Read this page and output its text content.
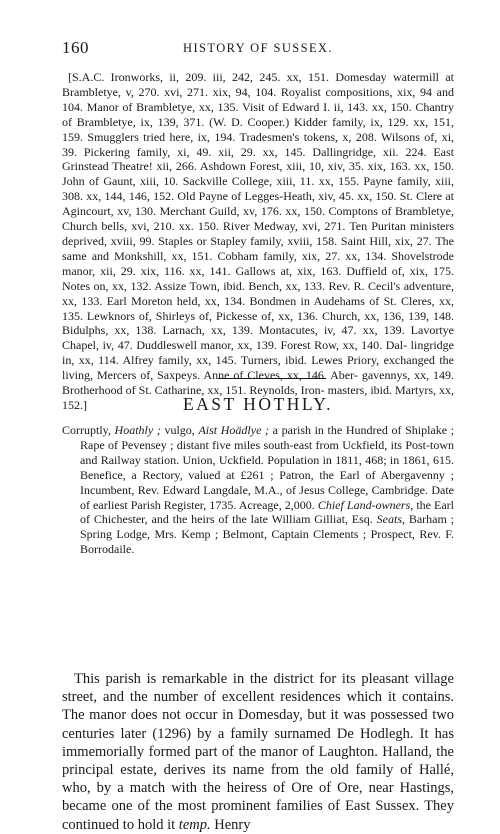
160	HISTORY OF SUSSEX.

[S.A.C. Ironworks, ii, 209. iii, 242, 245. xx, 151. Domesday watermill at Brambletye, v, 270. xvi, 271. xix, 94, 104. Royalist compositions, xix, 94 and 104. Manor of Brambletye, xx, 135. Visit of Edward I. ii, 143. xx, 150. Chantry of Brambletye, ix, 139, 371. (W. D. Cooper.) Kidder family, ix, 129. xx, 151, 159. Smugglers tried here, ix, 194. Tradesmen's tokens, x, 208. Wilsons of, xi, 39. Pickering family, xi, 49. xii, 29. xx, 145. Dallingridge, xii. 224. East Grinstead Theatre! xii, 266. Ashdown Forest, xiii, 10, xiv, 35. xix, 163. xx, 150. John of Gaunt, xiii, 10. Sackville College, xiii, 11. xx, 155. Payne family, xiii, 308. xx, 144, 146, 152. Old Payne of Legges-Heath, xiv, 45. xx, 150. St. Clere at Agincourt, xv, 130. Merchant Guild, xv, 176. xx, 150. Comptons of Brambletye, Church bells, xvi, 210. xx. 150. River Medway, xvi, 271. Ten Puritan ministers deprived, xviii, 99. Staples or Stapley family, xviii, 158. Saint Hill, xix, 27. The same and Monkshill, xx, 151. Cobham family, xix, 27. xx, 134. Shovelstrode manor, xii, 29. xix, 116. xx, 141. Gallows at, xix, 163. Duffield of, xix, 175. Notes on, xx, 132. Assize Town, ibid. Bench, xx, 133. Rev. R. Cecil's adventure, xx, 133. Earl Moreton held, xx, 134. Bondmen in Audehams of St. Cleres, xx, 135. Lewknors of, Shirleys of, Pickesse of, xx, 136. Church, xx, 136, 139, 148. Bidulphs, xx, 138. Larnach, xx, 139. Montacutes, iv, 47. xx, 139. Lavortye Chapel, iv, 47. Duddleswell manor, xx, 139. Forest Row, xx, 140. Dal- lingridge in, xx, 114. Alfrey family, xx, 145. Turners, ibid. Lewes Priory, exchanged the living, Mercers of, Saxpeys. Anne of Cleves, xx, 146. Aber- gavennys, xx, 149. Brotherhood of St. Catharine, xx, 151. Reynolds, Iron- masters, ibid. Martyrs, xx, 152.]	EAST HOTHLY.

Corruptly, Hoathly ; vulgo, Aist Hoädlye ; a parish in the Hundred of Shiplake ; Rape of Pevensey ; distant five miles south-east from Uckfield, its Post-town and Railway station. Union, Uckfield. Population in 1811, 468; in 1861, 615. Benefice, a Rectory, valued at £261 ; Patron, the Earl of Abergavenny ; Incumbent, Rev. Edward Langdale, M.A., of Jesus College, Cambridge. Date of earliest Parish Register, 1735. Acreage, 2,000. Chief Land-owners, the Earl of Chichester, and the heirs of the late William Gilliat, Esq. Seats, Barham ; Spring Lodge, Mrs. Kemp ; Belmont, Captain Clements ; Prospect, Rev. F. Borrodaile.

This parish is remarkable in the district for its pleasant village street, and the number of excellent residences which it contains. The manor does not occur in Domesday, but it was possessed two centuries later (1296) by a family surnamed De Hodlegh. It has immemorially formed part of the manor of Laughton. Halland, the principal estate, derives its name from the old family of Hallé, who, by a match with the heiress of Ore of Ore, near Hastings, became one of the most prominent families of East Sussex. They continued to hold it temp. Henry
